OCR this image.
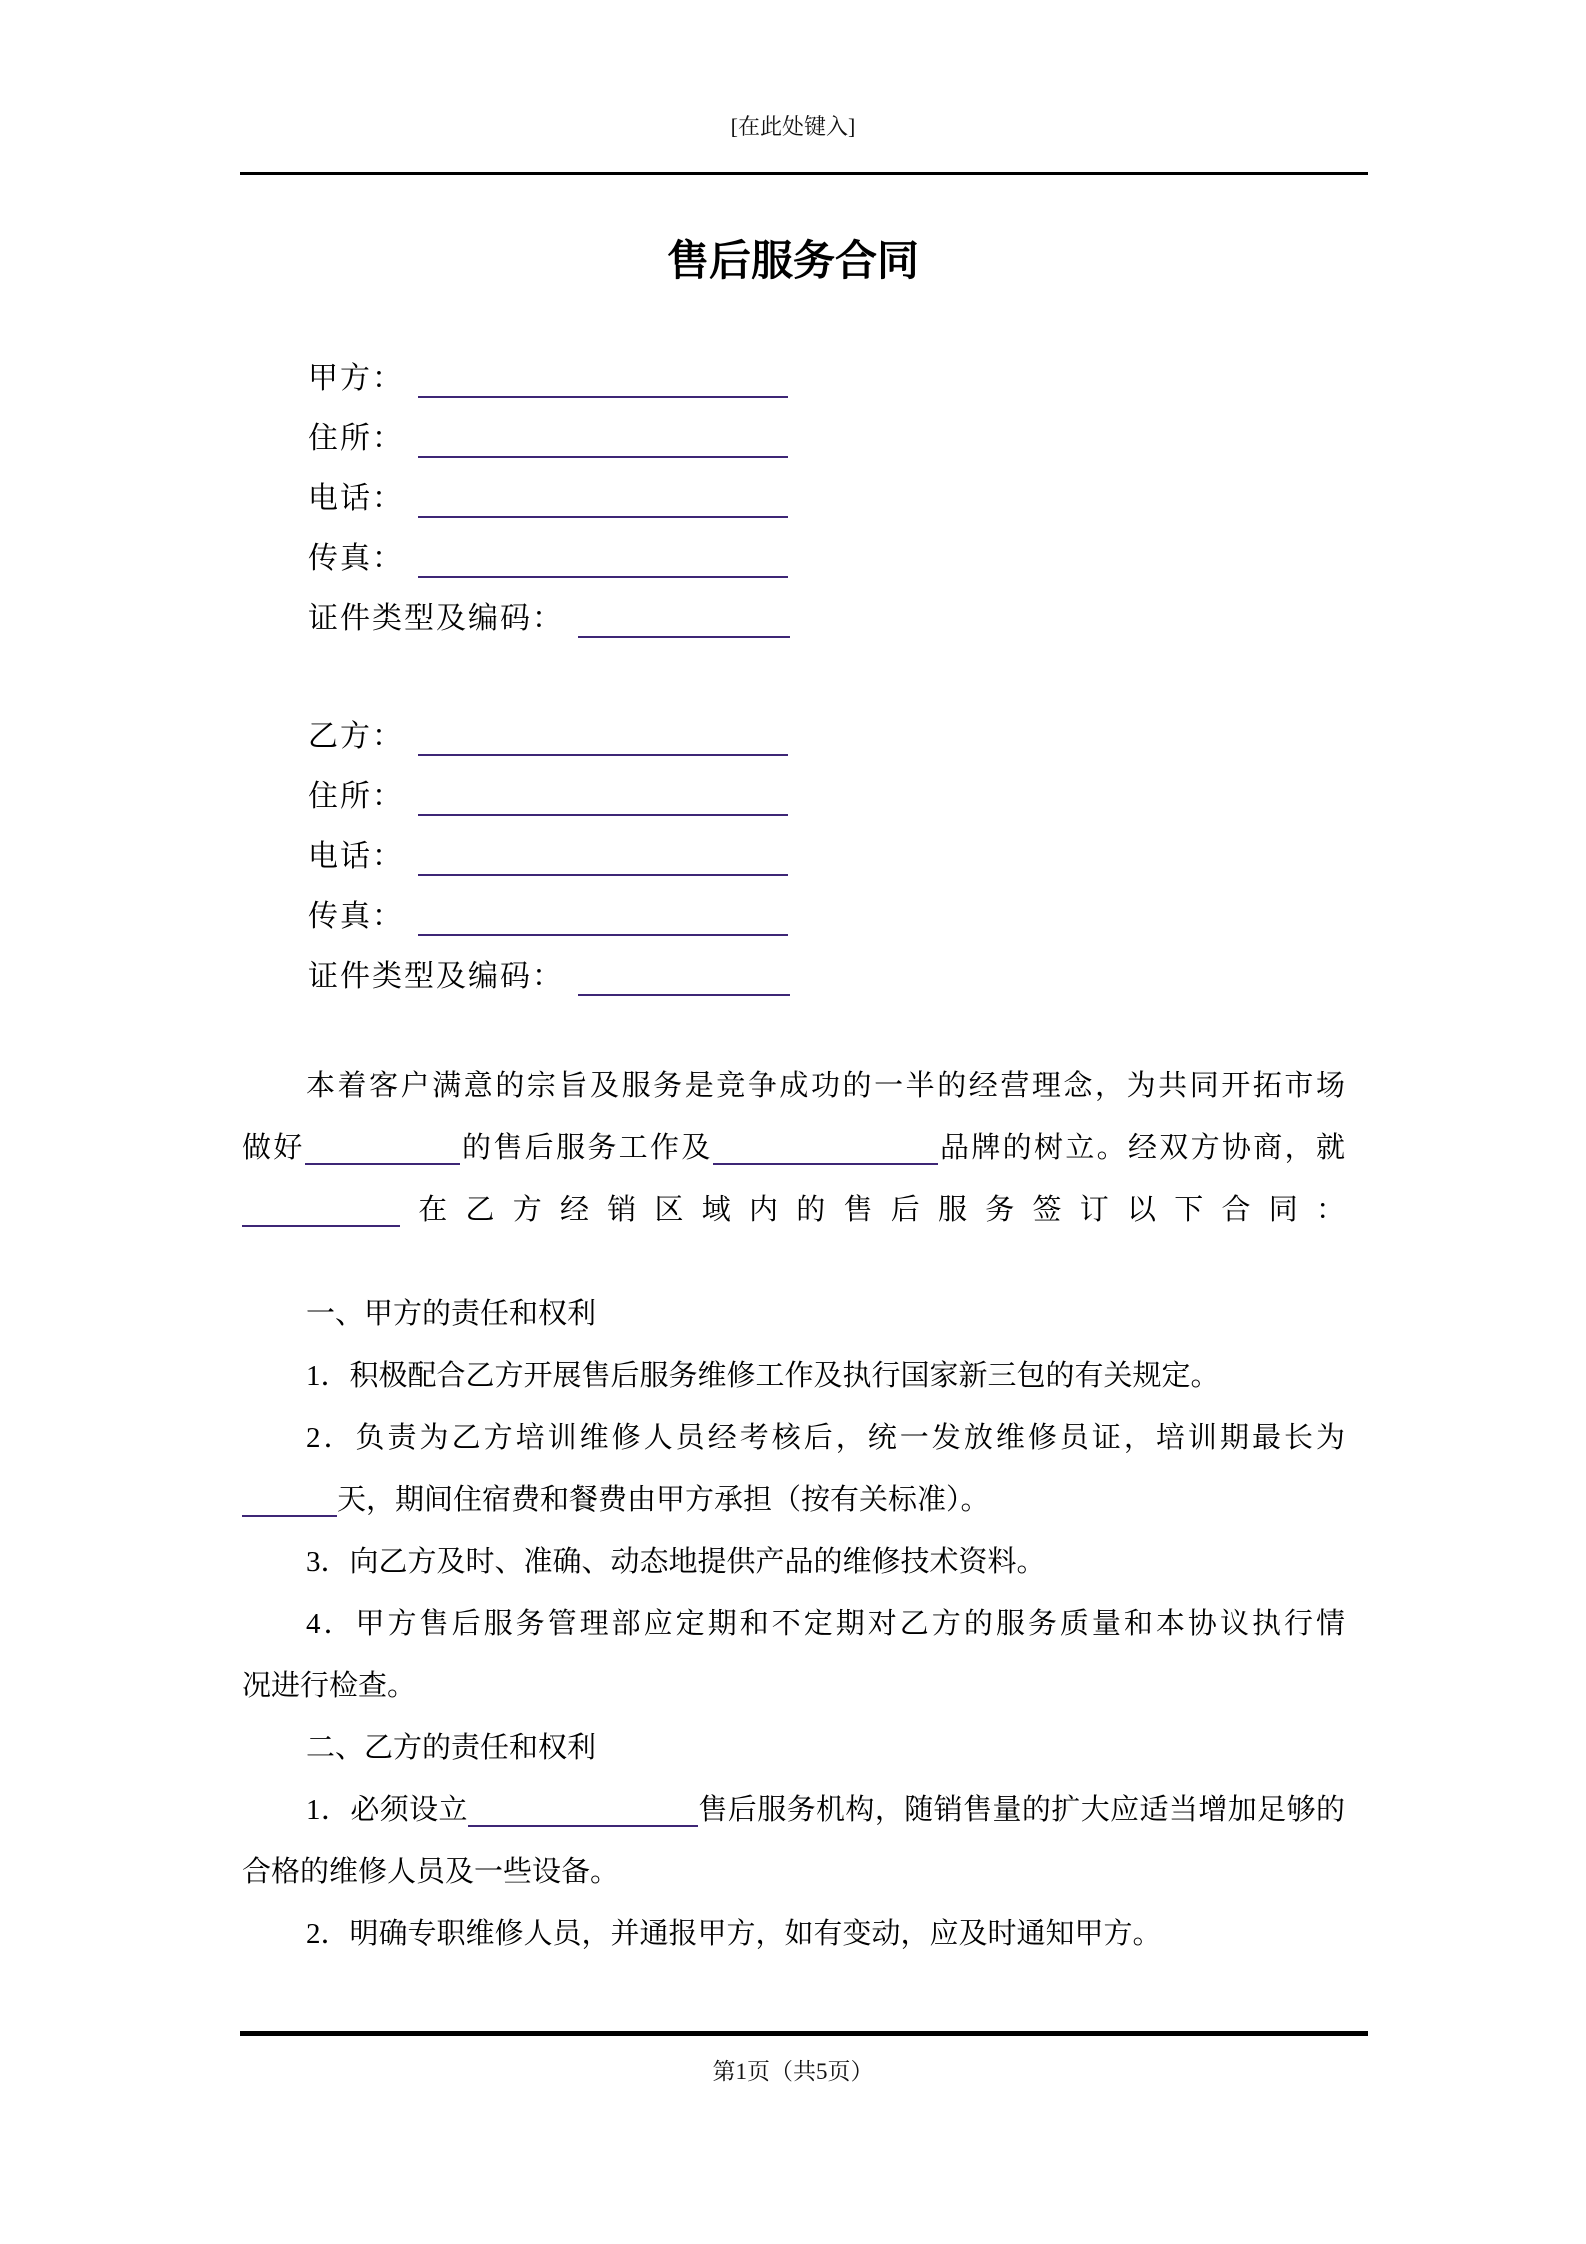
[在此处键入]
售后服务合同
甲方：
住所：
电话：
传真：
证件类型及编码：
乙方：
住所：
电话：
传真：
证件类型及编码：
本着客户满意的宗旨及服务是竞争成功的一半的经营理念，为共同开拓市场
做好	的售后服务工作及	品牌的树立。经双方协商，就
在乙方经销区域内的售后服务签订以下合同：
一、甲方的责任和权利
1．积极配合乙方开展售后服务维修工作及执行国家新三包的有关规定。
2．负责为乙方培训维修人员经考核后，统一发放维修员证，培训期最长为
天，期间住宿费和餐费由甲方承担（按有关标准）。
3．向乙方及时、准确、动态地提供产品的维修技术资料。
4．甲方售后服务管理部应定期和不定期对乙方的服务质量和本协议执行情
况进行检查。
二、乙方的责任和权利
1．必须设立	售后服务机构，随销售量的扩大应适当增加足够的
合格的维修人员及一些设备。
2．明确专职维修人员，并通报甲方，如有变动，应及时通知甲方。
第1页（共5页）
